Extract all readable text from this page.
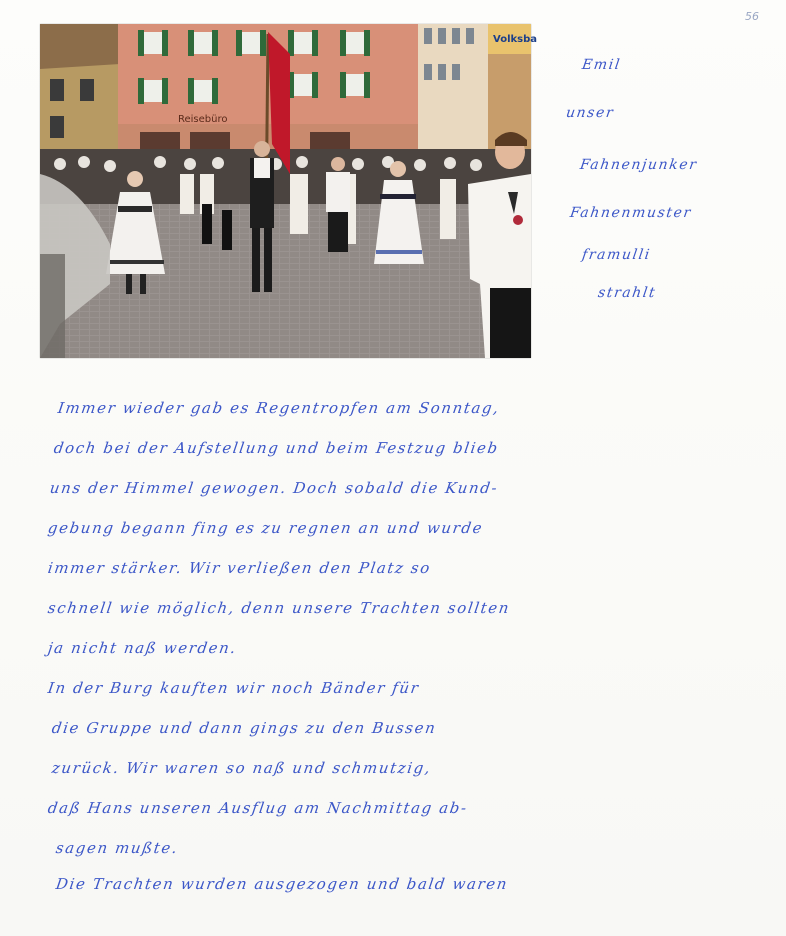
56
Reisebüro
Volksba
Emil
unser
Fahnenjunker
Fahnenmuster
framulli
strahlt
Immer wieder gab es Regentropfen am Sonntag,
doch bei der Aufstellung und beim Festzug blieb
uns der Himmel gewogen. Doch sobald die Kund-
gebung begann fing es zu regnen an und wurde
immer stärker. Wir verließen den Platz so
schnell wie möglich, denn unsere Trachten sollten
ja nicht naß werden.
In der Burg kauften wir noch Bänder für
die Gruppe und dann gings zu den Bussen
zurück. Wir waren so naß und schmutzig,
daß Hans unseren Ausflug am Nachmittag ab-
sagen mußte.
Die Trachten wurden ausgezogen und bald waren
